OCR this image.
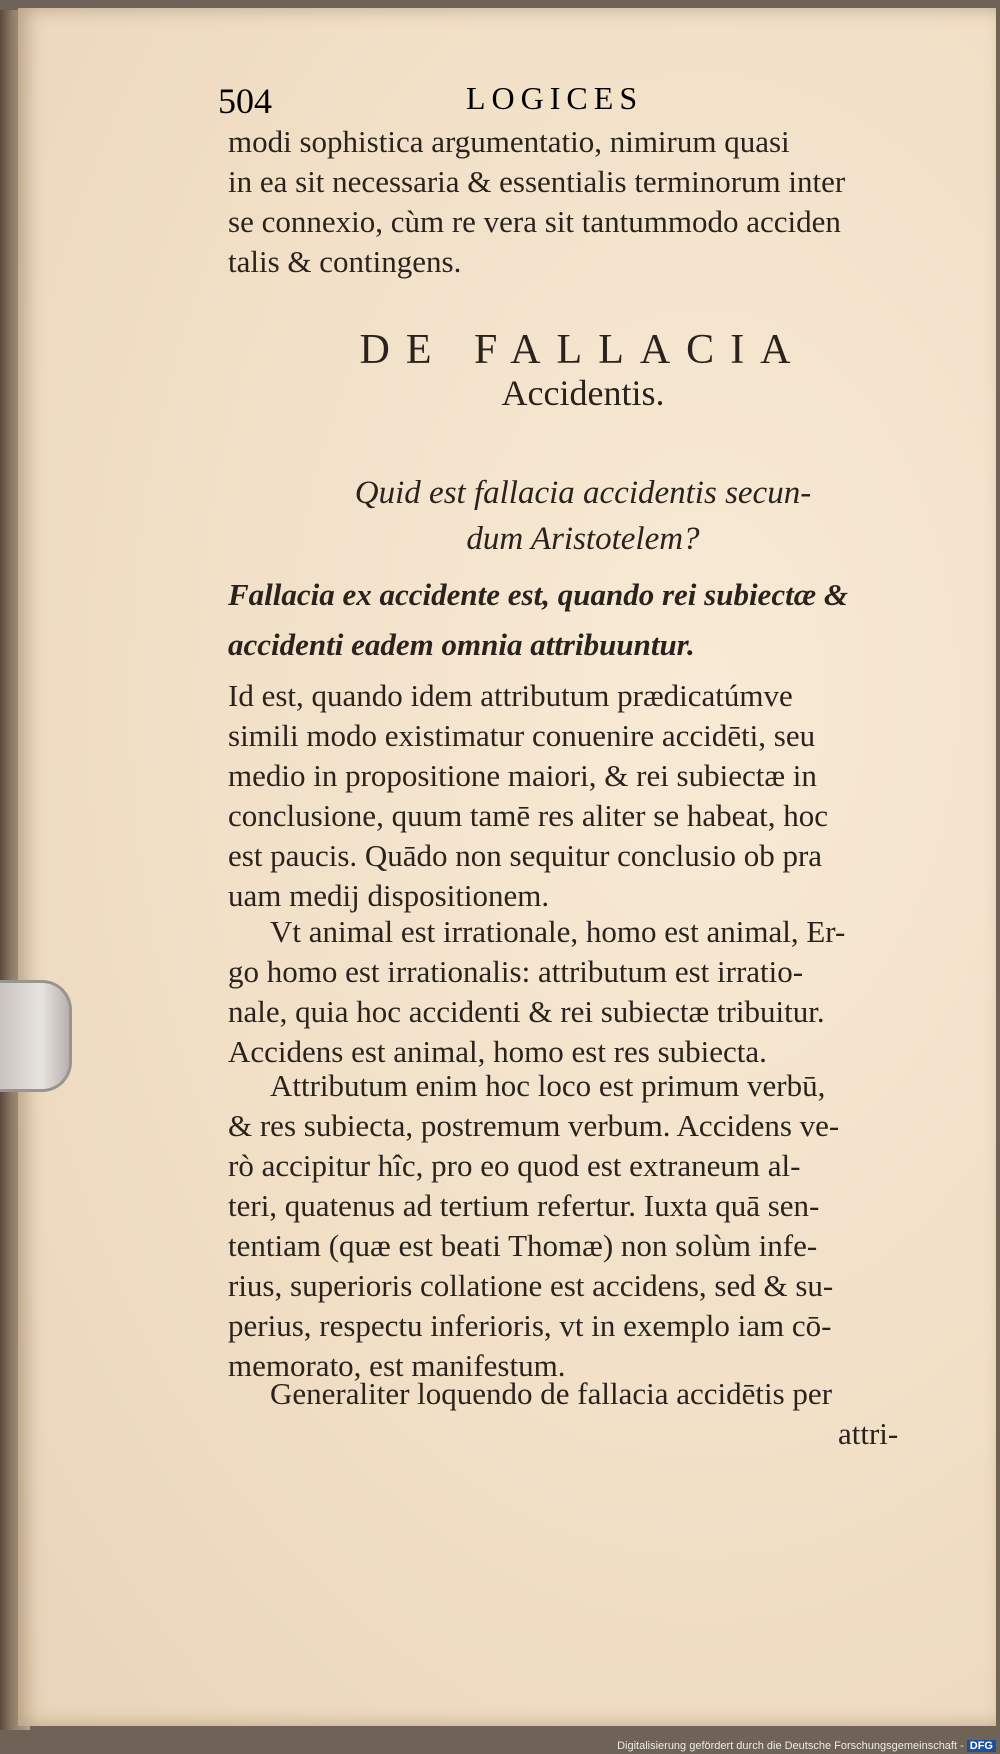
504	LOGICES
modi sophistica argumentatio, nimirum quasi
in ea sit necessaria & essentialis terminorum inter
se connexio, cùm re vera sit tantummodo acciden
talis & contingens.
DE FALLACIA
Accidentis.
Quid est fallacia accidentis secun-
dum Aristotelem?
Fallacia ex accidente est, quando rei subiectæ &
accidenti eadem omnia attribuuntur.
Id est, quando idem attributum prædicatúmve
simili modo existimatur conuenire accidēti, seu
medio in propositione maiori, & rei subiectæ in
conclusione, quum tamē res aliter se habeat, hoc
est paucis. Quādo non sequitur conclusio ob pra
uam medij dispositionem.
Vt animal est irrationale, homo est animal, Er-
go homo est irrationalis: attributum est irratio-
nale, quia hoc accidenti & rei subiectæ tribuitur.
Accidens est animal, homo est res subiecta.
Attributum enim hoc loco est primum verbū,
& res subiecta, postremum verbum. Accidens ve-
rò accipitur hîc, pro eo quod est extraneum al-
teri, quatenus ad tertium refertur. Iuxta quā sen-
tentiam (quæ est beati Thomæ) non solùm infe-
rius, superioris collatione est accidens, sed & su-
perius, respectu inferioris, vt in exemplo iam cō-
memorato, est manifestum.
Generaliter loquendo de fallacia accidētis per
attri-
Digitalisierung gefördert durch die Deutsche Forschungsgemeinschaft - DFG
